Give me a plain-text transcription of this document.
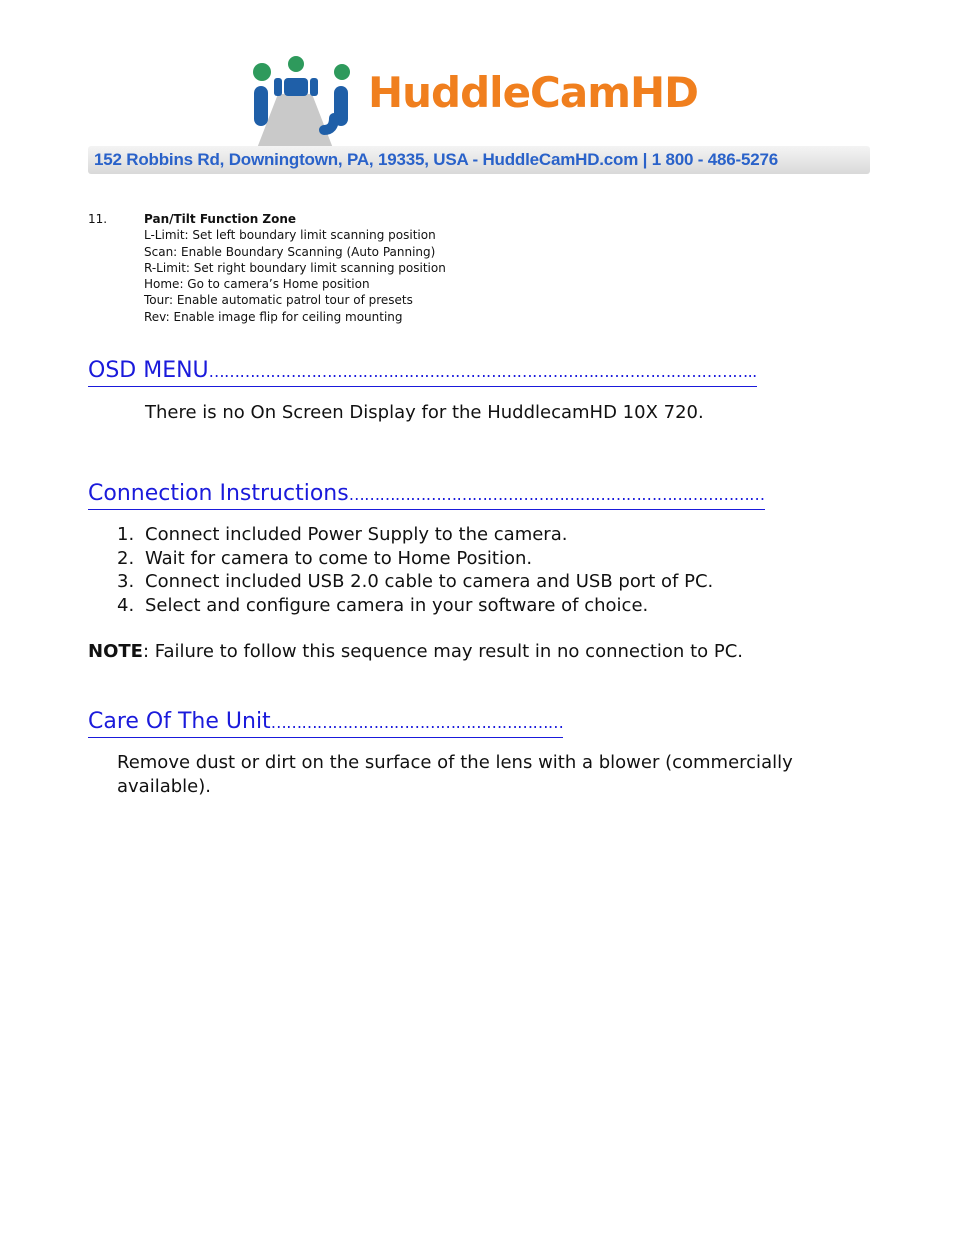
HuddleCamHD
152 Robbins Rd, Downingtown, PA, 19335, USA - HuddleCamHD.com | 1 800 - 486-5276
11.	Pan/Tilt Function Zone
L-Limit: Set left boundary limit scanning position
Scan: Enable Boundary Scanning (Auto Panning)
R-Limit: Set right boundary limit scanning position
Home: Go to camera’s Home position
Tour: Enable automatic patrol tour of presets
Rev: Enable image flip for ceiling mounting
OSD MENU……………………………………………………………………………………………..
There is no On Screen Display for the HuddlecamHD 10X 720.
Connection Instructions………………………………………………………………………
1. Connect included Power Supply to the camera.
2. Wait for camera to come to Home Position.
3. Connect included USB 2.0 cable to camera and USB port of PC.
4. Select and configure camera in your software of choice.
NOTE: Failure to follow this sequence may result in no connection to PC.
Care Of The Unit…………………………………………………
Remove dust or dirt on the surface of the lens with a blower (commercially
available).
